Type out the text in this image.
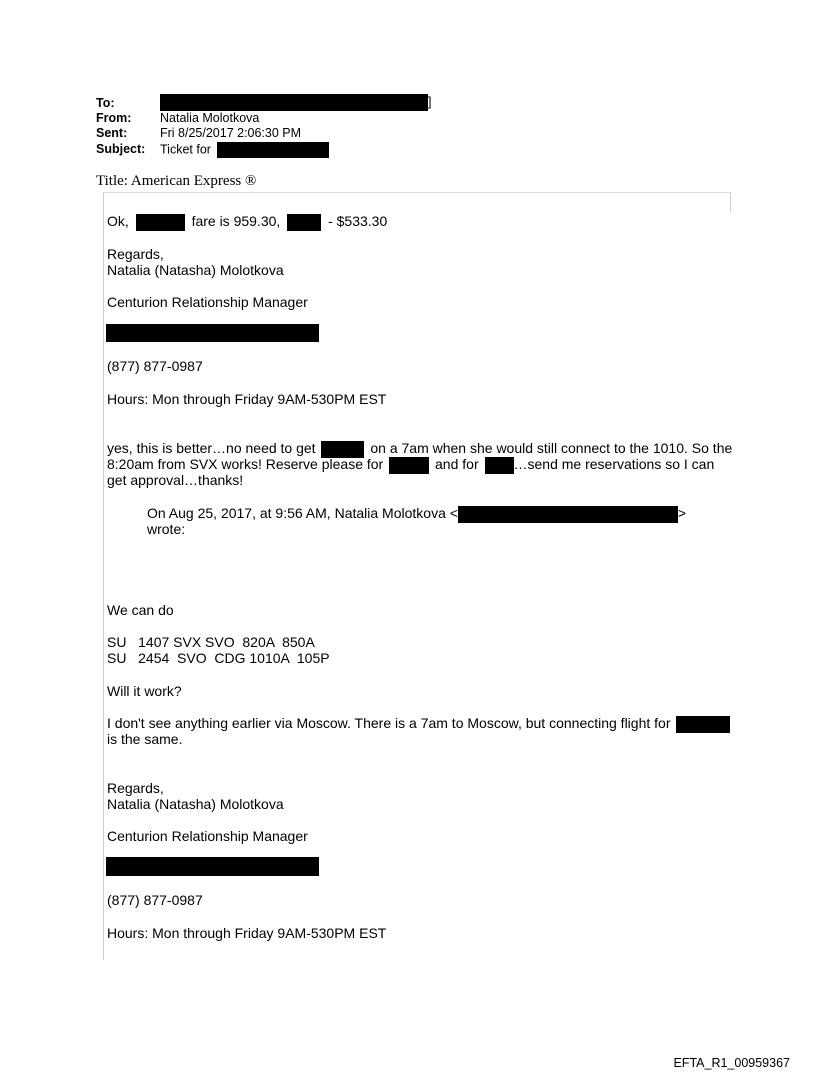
To:	]
From: Natalia Molotkova
Sent:	Fri 8/25/2017 2:06:30 PM
Subject: Ticket for
Title: American Express ®
Ok,	fare is 959.30,	- $533.30
Regards,
Natalia (Natasha) Molotkova
Centurion Relationship Manager
(877) 877-0987
Hours: Mon through Friday 9AM-530PM EST
yes, this is better…no need to get	on a 7am when she would still connect to the 1010. So the
8:20am from SVX works! Reserve please for	and for …send me reservations so I can
get approval…thanks!
On Aug 25, 2017, at 9:56 AM, Natalia Molotkova <	>
wrote:
We can do
SU   1407 SVX SVO  820A  850A
SU   2454  SVO  CDG 1010A  105P
Will it work?
I don't see anything earlier via Moscow. There is a 7am to Moscow, but connecting flight for
is the same.
Regards,
Natalia (Natasha) Molotkova
Centurion Relationship Manager
(877) 877-0987
Hours: Mon through Friday 9AM-530PM EST
EFTA_R1_00959367
